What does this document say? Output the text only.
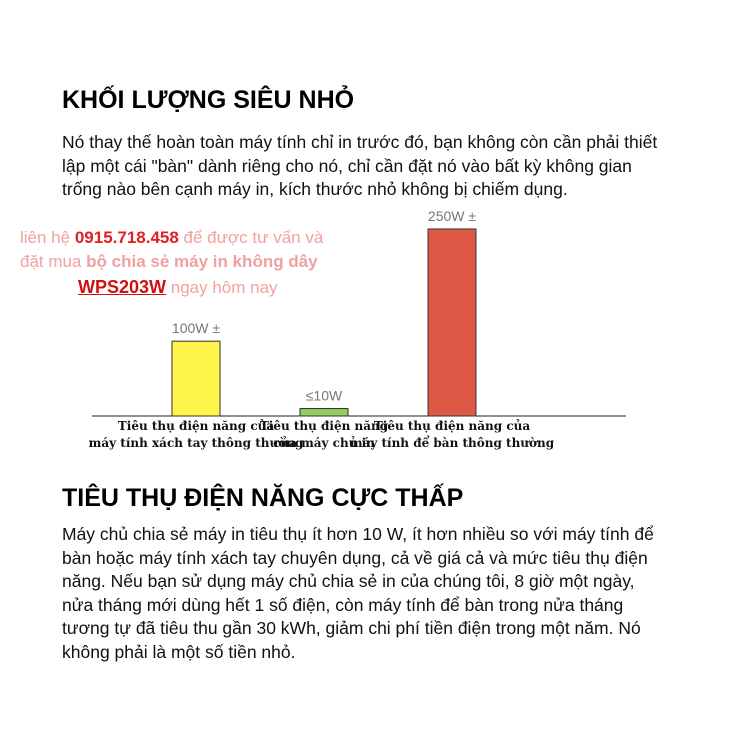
KHỐI LƯỢNG SIÊU NHỎ
Nó thay thế hoàn toàn máy tính chỉ in trước đó, bạn không còn cần phải thiết
lập một cái "bàn" dành riêng cho nó, chỉ cần đặt nó vào bất kỳ không gian
trống nào bên cạnh máy in, kích thước nhỏ không bị chiếm dụng.
100W ±
Tiêu thụ điện năng của
máy tính xách tay thông thường
≤10W
Tiêu thụ điện năng
của máy chủ in
250W ±
Tiêu thụ điện năng của
máy tính để bàn thông thường
liên hệ 0915.718.458 để được tư vấn và
đặt mua bộ chia sẻ máy in không dây
WPS203W ngay hôm nay
TIÊU THỤ ĐIỆN NĂNG CỰC THẤP
Máy chủ chia sẻ máy in tiêu thụ ít hơn 10 W, ít hơn nhiều so với máy tính để
bàn hoặc máy tính xách tay chuyên dụng, cả về giá cả và mức tiêu thụ điện
năng. Nếu bạn sử dụng máy chủ chia sẻ in của chúng tôi, 8 giờ một ngày,
nửa tháng mới dùng hết 1 số điện, còn máy tính để bàn trong nửa tháng
tương tự đã tiêu thu gần 30 kWh, giảm chi phí tiền điện trong một năm. Nó
không phải là một số tiền nhỏ.
